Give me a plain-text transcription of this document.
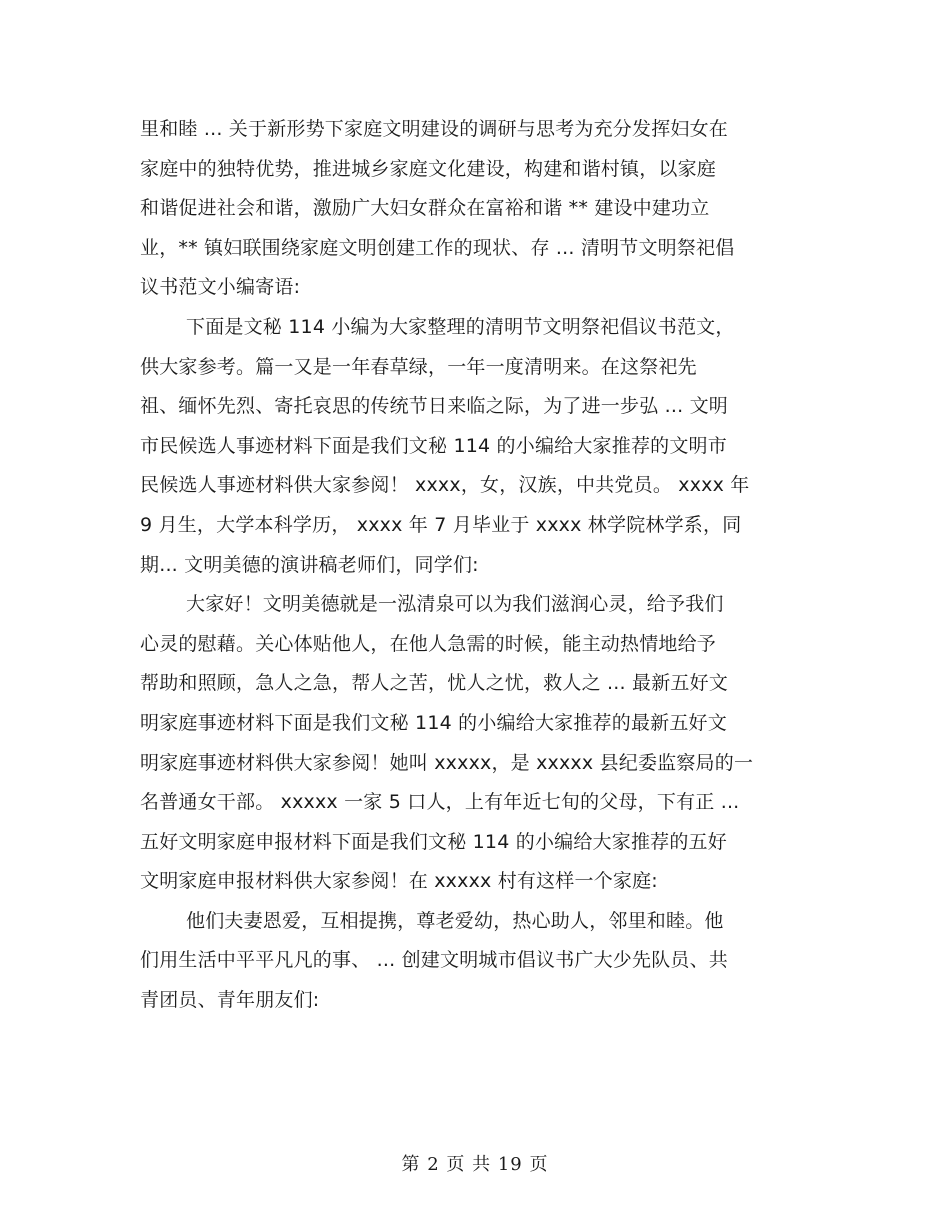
里和睦 ... 关于新形势下家庭文明建设的调研与思考为充分发挥妇女在
家庭中的独特优势，推进城乡家庭文化建设，构建和谐村镇，以家庭
和谐促进社会和谐，激励广大妇女群众在富裕和谐 ** 建设中建功立
业，** 镇妇联围绕家庭文明创建工作的现状、存 ... 清明节文明祭祀倡
议书范文小编寄语:
下面是文秘 114 小编为大家整理的清明节文明祭祀倡议书范文，
供大家参考。篇一又是一年春草绿，一年一度清明来。在这祭祀先
祖、缅怀先烈、寄托哀思的传统节日来临之际，为了进一步弘 ... 文明
市民候选人事迹材料下面是我们文秘 114 的小编给大家推荐的文明市
民候选人事迹材料供大家参阅！ xxxx，女，汉族，中共党员。 xxxx 年
9 月生，大学本科学历， xxxx 年 7 月毕业于 xxxx 林学院林学系，同
期... 文明美德的演讲稿老师们，同学们:
大家好！文明美德就是一泓清泉可以为我们滋润心灵，给予我们
心灵的慰藉。关心体贴他人，在他人急需的时候，能主动热情地给予
帮助和照顾，急人之急，帮人之苦，忧人之忧，救人之 ... 最新五好文
明家庭事迹材料下面是我们文秘 114 的小编给大家推荐的最新五好文
明家庭事迹材料供大家参阅！她叫 xxxxx，是 xxxxx 县纪委监察局的一
名普通女干部。 xxxxx 一家 5 口人，上有年近七旬的父母，下有正 ...
五好文明家庭申报材料下面是我们文秘 114 的小编给大家推荐的五好
文明家庭申报材料供大家参阅！在 xxxxx 村有这样一个家庭:
他们夫妻恩爱，互相提携，尊老爱幼，热心助人，邻里和睦。他
们用生活中平平凡凡的事、 ... 创建文明城市倡议书广大少先队员、共
青团员、青年朋友们:
第 2 页 共 19 页
